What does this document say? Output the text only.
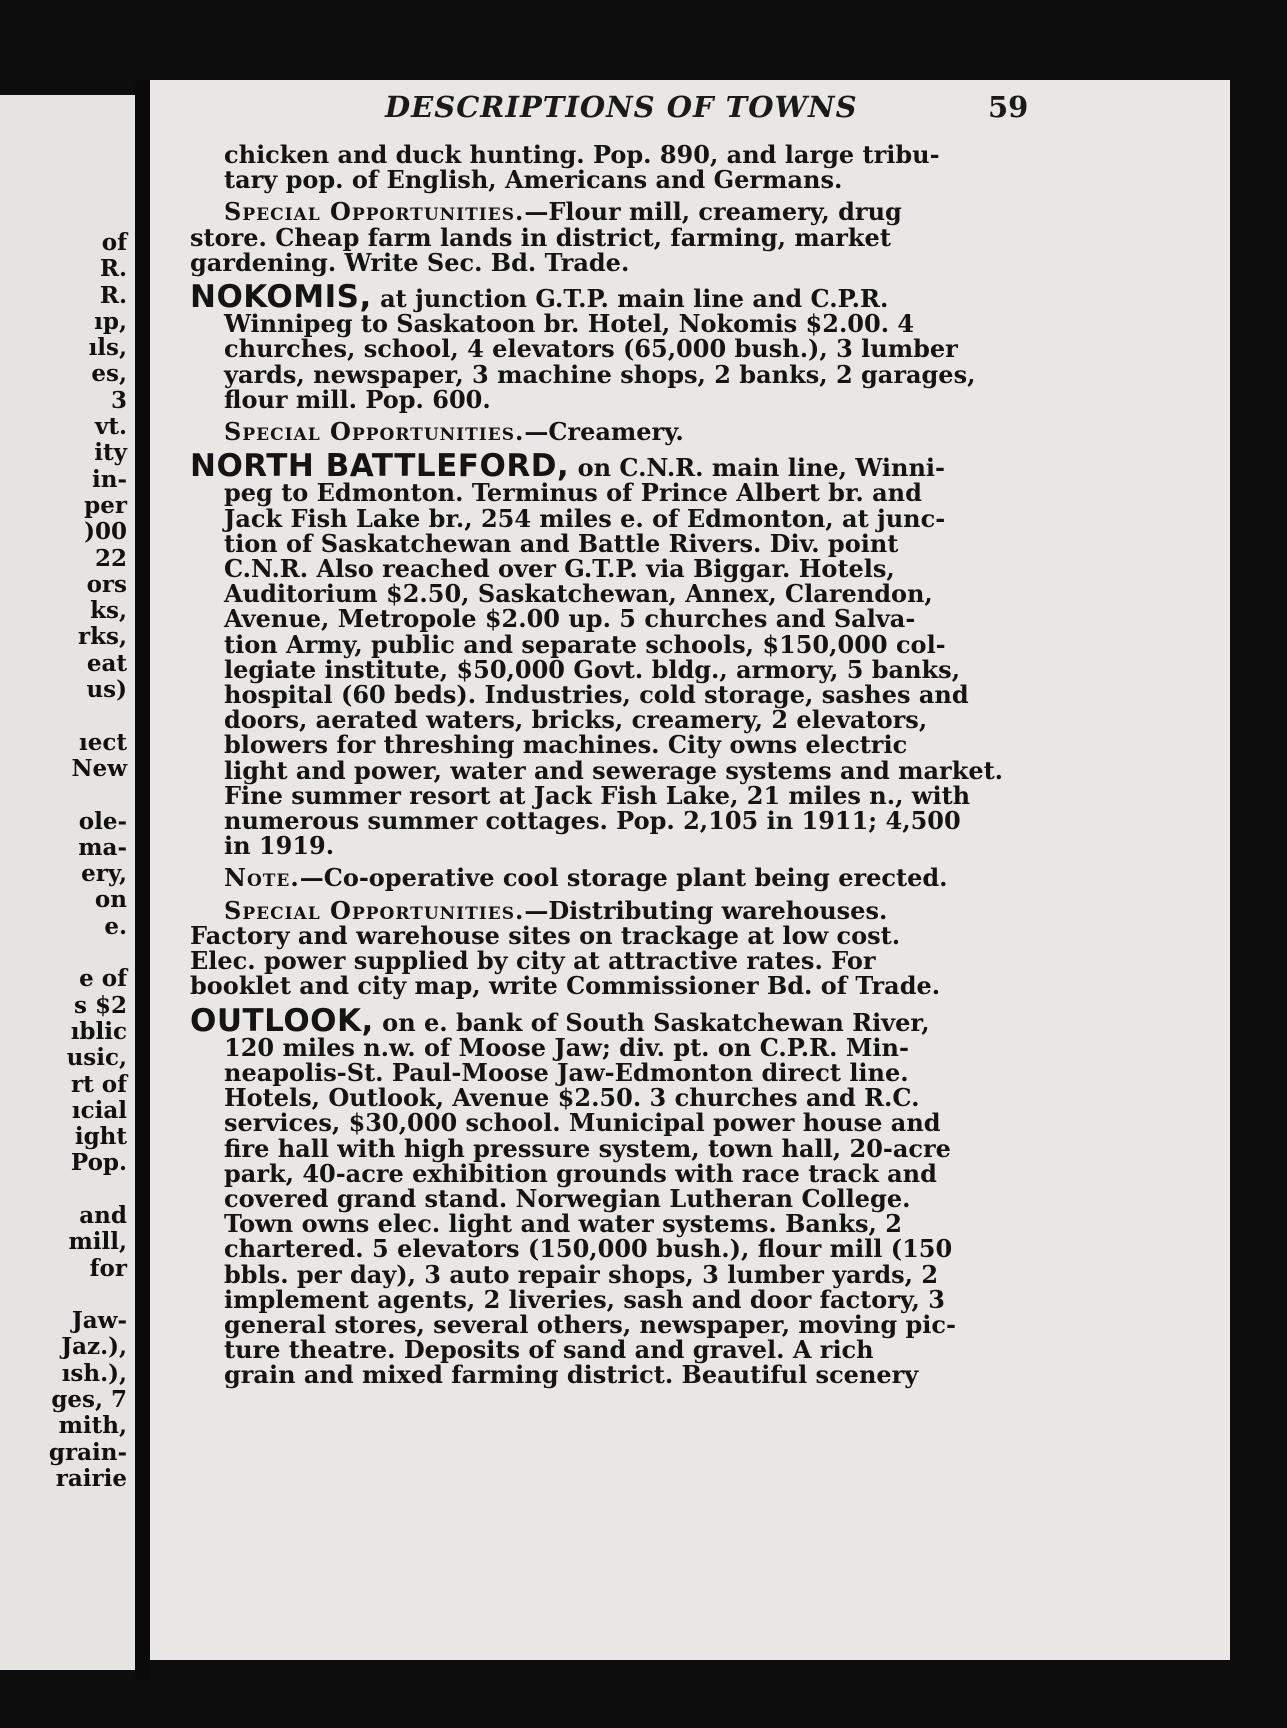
of
R.
R.
ıp,
ıls,
es,
3
vt.
ity
in-
per
)00
22
ors
ks,
rks,
eat
us)

ıect
New

ole-
ma-
ery,
on
e.

e of
s $2
ıblic
usic,
rt of
ıcial
ight
Pop.

and
mill,
for

Jaw-
Jaz.),
ısh.),
ges, 7
mith,
grain-
rairie
DESCRIPTIONS OF TOWNS	59
chicken and duck hunting. Pop. 890, and large tribu-
tary pop. of English, Americans and Germans.
Special Opportunities.—Flour mill, creamery, drug
store. Cheap farm lands in district, farming, market
gardening. Write Sec. Bd. Trade.
NOKOMIS, at junction G.T.P. main line and C.P.R.
Winnipeg to Saskatoon br. Hotel, Nokomis $2.00. 4
churches, school, 4 elevators (65,000 bush.), 3 lumber
yards, newspaper, 3 machine shops, 2 banks, 2 garages,
flour mill. Pop. 600.
Special Opportunities.—Creamery.
NORTH BATTLEFORD, on C.N.R. main line, Winni-
peg to Edmonton. Terminus of Prince Albert br. and
Jack Fish Lake br., 254 miles e. of Edmonton, at junc-
tion of Saskatchewan and Battle Rivers. Div. point
C.N.R. Also reached over G.T.P. via Biggar. Hotels,
Auditorium $2.50, Saskatchewan, Annex, Clarendon,
Avenue, Metropole $2.00 up. 5 churches and Salva-
tion Army, public and separate schools, $150,000 col-
legiate institute, $50,000 Govt. bldg., armory, 5 banks,
hospital (60 beds). Industries, cold storage, sashes and
doors, aerated waters, bricks, creamery, 2 elevators,
blowers for threshing machines. City owns electric
light and power, water and sewerage systems and market.
Fine summer resort at Jack Fish Lake, 21 miles n., with
numerous summer cottages. Pop. 2,105 in 1911; 4,500
in 1919.
Note.—Co-operative cool storage plant being erected.
Special Opportunities.—Distributing warehouses.
Factory and warehouse sites on trackage at low cost.
Elec. power supplied by city at attractive rates. For
booklet and city map, write Commissioner Bd. of Trade.
OUTLOOK, on e. bank of South Saskatchewan River,
120 miles n.w. of Moose Jaw; div. pt. on C.P.R. Min-
neapolis-St. Paul-Moose Jaw-Edmonton direct line.
Hotels, Outlook, Avenue $2.50. 3 churches and R.C.
services, $30,000 school. Municipal power house and
fire hall with high pressure system, town hall, 20-acre
park, 40-acre exhibition grounds with race track and
covered grand stand. Norwegian Lutheran College.
Town owns elec. light and water systems. Banks, 2
chartered. 5 elevators (150,000 bush.), flour mill (150
bbls. per day), 3 auto repair shops, 3 lumber yards, 2
implement agents, 2 liveries, sash and door factory, 3
general stores, several others, newspaper, moving pic-
ture theatre. Deposits of sand and gravel. A rich
grain and mixed farming district. Beautiful scenery
